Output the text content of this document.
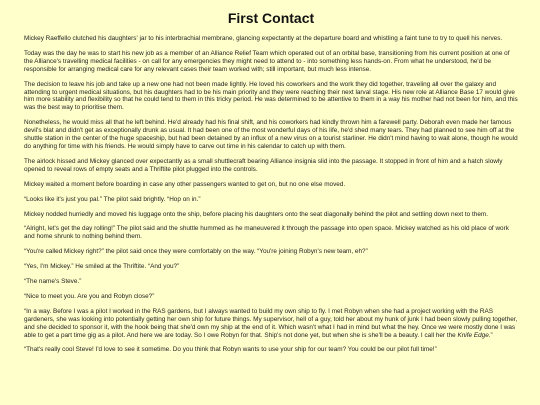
First Contact

Mickey Raeffello clutched his daughters' jar to his interbrachial membrane, glancing expectantly at the departure board and whistling a faint tune to try to quell his nerves.

Today was the day he was to start his new job as a member of an Alliance Relief Team which operated out of an orbital base, transitioning from his current position at one of the Alliance's travelling medical facilities - on call for any emergencies they might need to attend to - into something less hands-on. From what he understood, he'd be responsible for arranging medical care for any relevant cases their team worked with; still important, but much less intense.

The decision to leave his job and take up a new one had not been made lightly. He loved his coworkers and the work they did together, traveling all over the galaxy and attending to urgent medical situations, but his daughters had to be his main priority and they were reaching their next larval stage. His new role at Alliance Base 17 would give him more stability and flexibility so that he could tend to them in this tricky period. He was determined to be attentive to them in a way his mother had not been for him, and this was the best way to prioritise them.

Nonetheless, he would miss all that he left behind. He'd already had his final shift, and his coworkers had kindly thrown him a farewell party. Deborah even made her famous devil's blat and didn't get as exceptionally drunk as usual. It had been one of the most wonderful days of his life, he'd shed many tears. They had planned to see him off at the shuttle station in the center of the huge spaceship, but had been detained by an influx of a new virus on a tourist starliner. He didn't mind having to wait alone, though he would do anything for time with his friends. He would simply have to carve out time in his calendar to catch up with them.

The airlock hissed and Mickey glanced over expectantly as a small shuttlecraft bearing Alliance insignia slid into the passage. It stopped in front of him and a hatch slowly opened to reveal rows of empty seats and a Thriftite pilot plugged into the controls.

Mickey waited a moment before boarding in case any other passengers wanted to get on, but no one else moved.

“Looks like it's just you pal.” The pilot said brightly. “Hop on in.”

Mickey nodded hurriedly and moved his luggage onto the ship, before placing his daughters onto the seat diagonally behind the pilot and settling down next to them.

“Alright, let's get the day rolling!” The pilot said and the shuttle hummed as he maneuvered it through the passage into open space. Mickey watched as his old place of work and home shrunk to nothing behind them.

“You're called Mickey right?” the pilot said once they were comfortably on the way. “You're joining Robyn's new team, eh?”

“Yes, I'm Mickey.” He smiled at the Thriftite. “And you?”

“The name's Steve.”

“Nice to meet you. Are you and Robyn close?”

“In a way. Before I was a pilot I worked in the RAS gardens, but I always wanted to build my own ship to fly. I met Robyn when she had a project working with the RAS gardeners, she was looking into potentially getting her own ship for future things. My supervisor, hell of a guy, told her about my hunk of junk I had been slowly pulling together, and she decided to sponsor it, with the hook being that she'd own my ship at the end of it. Which wasn't what I had in mind but what the hey. Once we were mostly done I was able to get a part time gig as a pilot. And here we are today. So I owe Robyn for that. Ship's not done yet, but when she is she'll be a beauty. I call her the Knife Edge.”

“That's really cool Steve! I'd love to see it sometime. Do you think that Robyn wants to use your ship for our team? You could be our pilot full time!”
